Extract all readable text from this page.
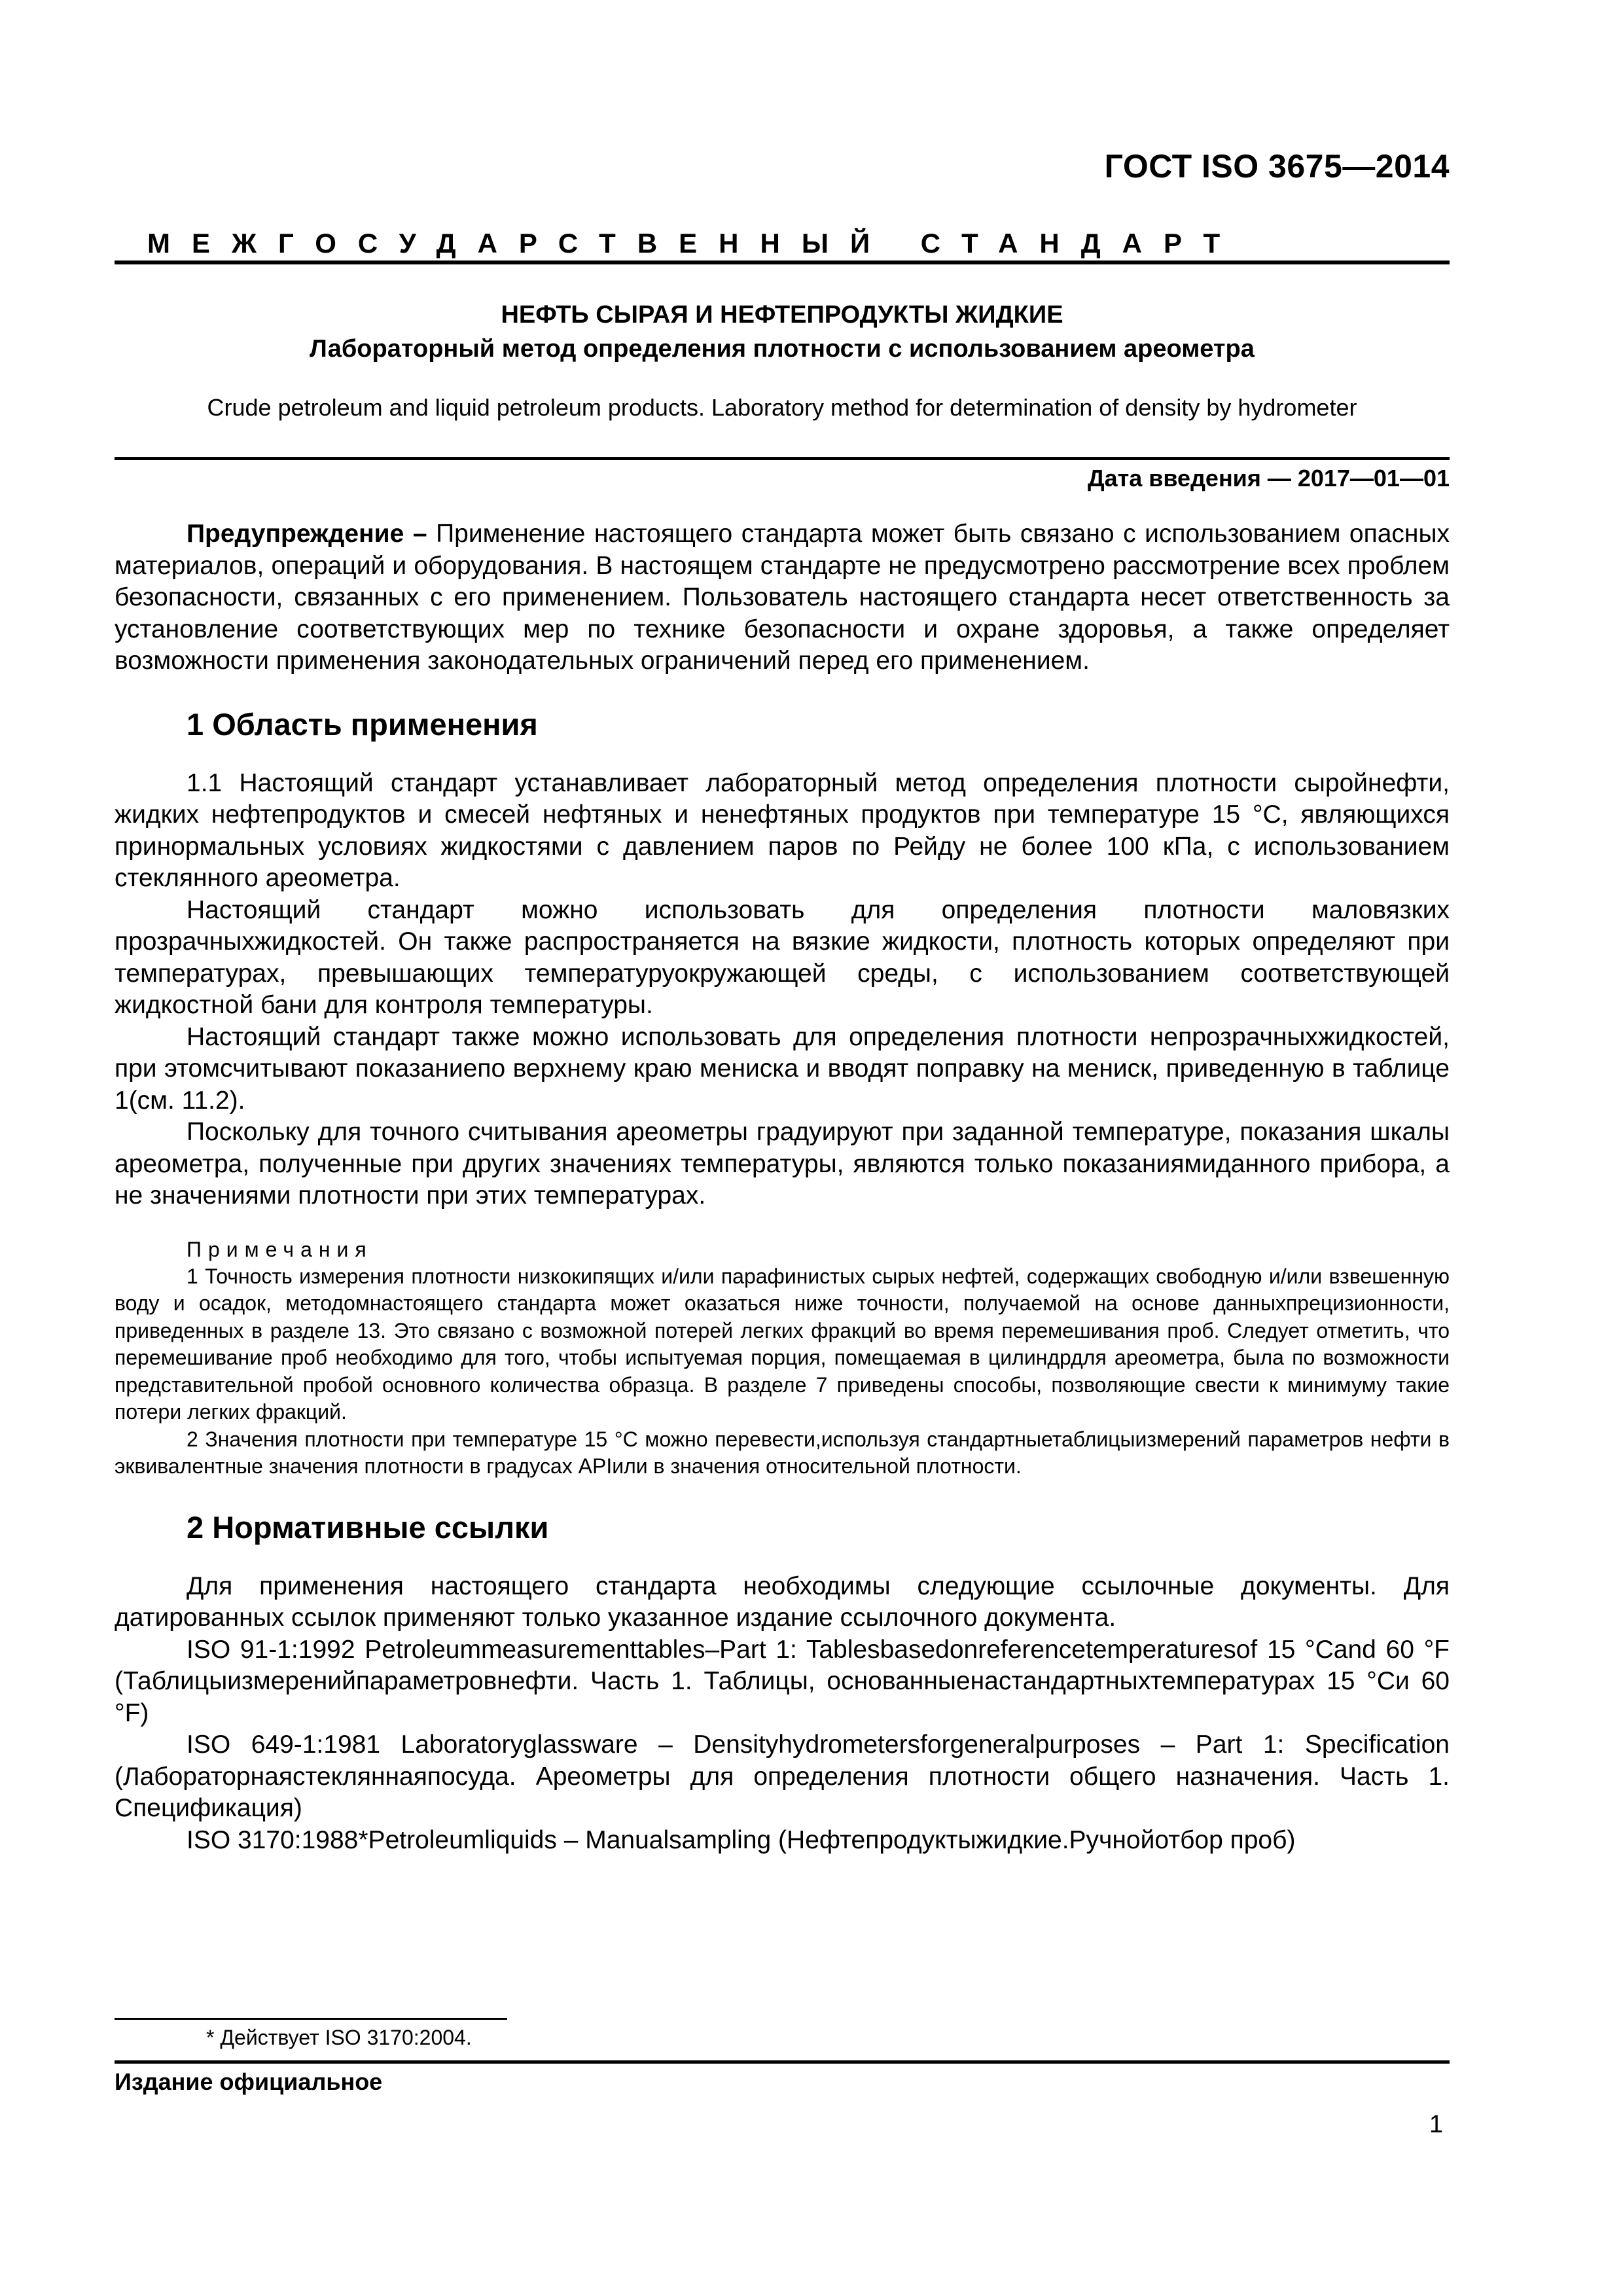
ГОСТ ISO 3675—2014
МЕЖГОСУДАРСТВЕННЫЙ СТАНДАРТ
НЕФТЬ СЫРАЯ И НЕФТЕПРОДУКТЫ ЖИДКИЕ
Лабораторный метод определения плотности с использованием ареометра
Crude petroleum and liquid petroleum products. Laboratory method for determination of density by hydrometer
Дата введения — 2017—01—01

Предупреждение – Применение настоящего стандарта может быть связано с использованием опасных материалов, операций и оборудования. В настоящем стандарте не предусмотрено рассмотрение всех проблем безопасности, связанных с его применением. Пользователь настоящего стандарта несет ответственность за установление соответствующих мер по технике безопасности и охране здоровья, а также определяет возможности применения законодательных ограничений перед его применением.

1 Область применения

1.1 Настоящий стандарт устанавливает лабораторный метод определения плотности сыройнефти, жидких нефтепродуктов и смесей нефтяных и ненефтяных продуктов при температуре 15 °С, являющихся принормальных условиях жидкостями с давлением паров по Рейду не более 100 кПа, с использованием стеклянного ареометра.

Настоящий стандарт можно использовать для определения плотности маловязких прозрачныхжидкостей. Он также распространяется на вязкие жидкости, плотность которых определяют при температурах, превышающих температуруокружающей среды, с использованием соответствующей жидкостной бани для контроля температуры.

Настоящий стандарт также можно использовать для определения плотности непрозрачныхжидкостей, при этомсчитывают показаниепо верхнему краю мениска и вводят поправку на мениск, приведенную в таблице 1(см. 11.2).

Поскольку для точного считывания ареометры градуируют при заданной температуре, показания шкалы ареометра, полученные при других значениях температуры, являются только показаниямиданного прибора, а не значениями плотности при этих температурах.

Примечания

1 Точность измерения плотности низкокипящих и/или парафинистых сырых нефтей, содержащих свободную и/или взвешенную воду и осадок, методомнастоящего стандарта может оказаться ниже точности, получаемой на основе данныхпрецизионности, приведенных в разделе 13. Это связано с возможной потерей легких фракций во время перемешивания проб. Следует отметить, что перемешивание проб необходимо для того, чтобы испытуемая порция, помещаемая в цилиндрдля ареометра, была по возможности представительной пробой основного количества образца. В разделе 7 приведены способы, позволяющие свести к минимуму такие потери легких фракций.

2 Значения плотности при температуре 15 °С можно перевести,используя стандартныетаблицыизмерений параметров нефти в эквивалентные значения плотности в градусах APIили в значения относительной плотности.

2 Нормативные ссылки

Для применения настоящего стандарта необходимы следующие ссылочные документы. Для датированных ссылок применяют только указанное издание ссылочного документа.

ISO 91-1:1992 Petroleummeasurementtables–Part 1: Tablesbasedonreferencetemperaturesof 15 °Cand 60 °F (Таблицыизмеренийпараметровнефти. Часть 1. Таблицы, основанныенастандартныхтемпературах 15 °Cи 60 °F)

ISO 649-1:1981 Laboratoryglassware – Densityhydrometersforgeneralpurposes – Part 1: Specification (Лабораторнаястекляннаяпосуда. Ареометры для определения плотности общего назначения. Часть 1. Спецификация)

ISO 3170:1988*Petroleumliquids – Manualsampling (Нефтепродуктыжидкие.Ручнойотбор проб)

* Действует ISO 3170:2004.
Издание официальное
1
